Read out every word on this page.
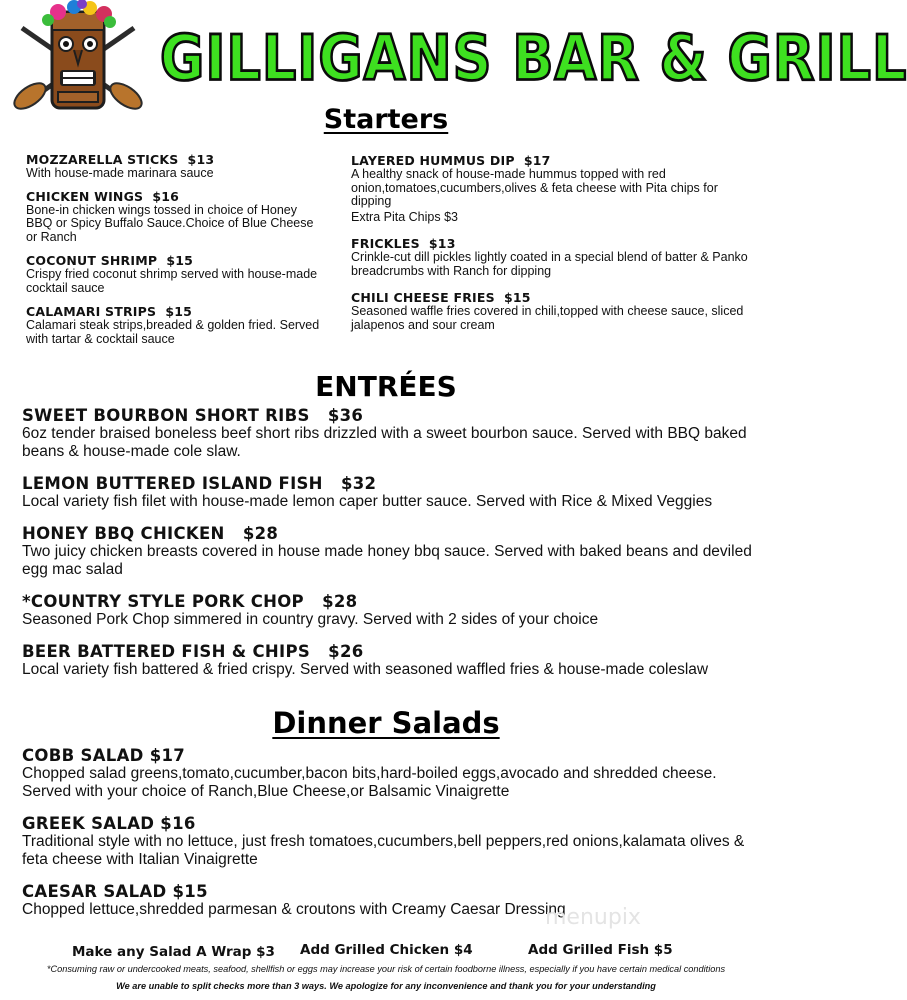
GILLIGANS BAR & GRILL
Starters
MOZZARELLA STICKS $13
With house-made marinara sauce
CHICKEN WINGS $16
Bone-in chicken wings tossed in choice of Honey BBQ or Spicy Buffalo Sauce.Choice of Blue Cheese or Ranch
COCONUT SHRIMP $15
Crispy fried coconut shrimp served with house-made cocktail sauce
CALAMARI STRIPS $15
Calamari steak strips,breaded & golden fried. Served with tartar & cocktail sauce
LAYERED HUMMUS DIP $17
A healthy snack of house-made hummus topped with red onion,tomatoes,cucumbers,olives & feta cheese with Pita chips for dipping
Extra Pita Chips $3
FRICKLES $13
Crinkle-cut dill pickles lightly coated in a special blend of batter & Panko breadcrumbs with Ranch for dipping
CHILI CHEESE FRIES $15
Seasoned waffle fries covered in chili,topped with cheese sauce, sliced jalapenos and sour cream
ENTRÉES
SWEET BOURBON SHORT RIBS $36
6oz tender braised boneless beef short ribs drizzled with a sweet bourbon sauce. Served with BBQ baked beans & house-made cole slaw.
LEMON BUTTERED ISLAND FISH $32
Local variety fish filet with house-made lemon caper butter sauce. Served with Rice & Mixed Veggies
HONEY BBQ CHICKEN $28
Two juicy chicken breasts covered in house made honey bbq sauce. Served with baked beans and deviled egg mac salad
*COUNTRY STYLE PORK CHOP $28
Seasoned Pork Chop simmered in country gravy. Served with 2 sides of your choice
BEER BATTERED FISH & CHIPS $26
Local variety fish battered & fried crispy. Served with seasoned waffled fries & house-made coleslaw
Dinner Salads
COBB SALAD $17
Chopped salad greens,tomato,cucumber,bacon bits,hard-boiled eggs,avocado and shredded cheese. Served with your choice of Ranch,Blue Cheese,or Balsamic Vinaigrette
GREEK SALAD $16
Traditional style with no lettuce, just fresh tomatoes,cucumbers,bell peppers,red onions,kalamata olives & feta cheese with Italian Vinaigrette
CAESAR SALAD $15
Chopped lettuce,shredded parmesan & croutons with Creamy Caesar Dressing
menupix
Make any Salad A Wrap $3 Add Grilled Chicken $4	Add Grilled Fish $5
*Consuming raw or undercooked meats, seafood, shellfish or eggs may increase your risk of certain foodborne illness, especially if you have certain medical conditions
We are unable to split checks more than 3 ways. We apologize for any inconvenience and thank you for your understanding
